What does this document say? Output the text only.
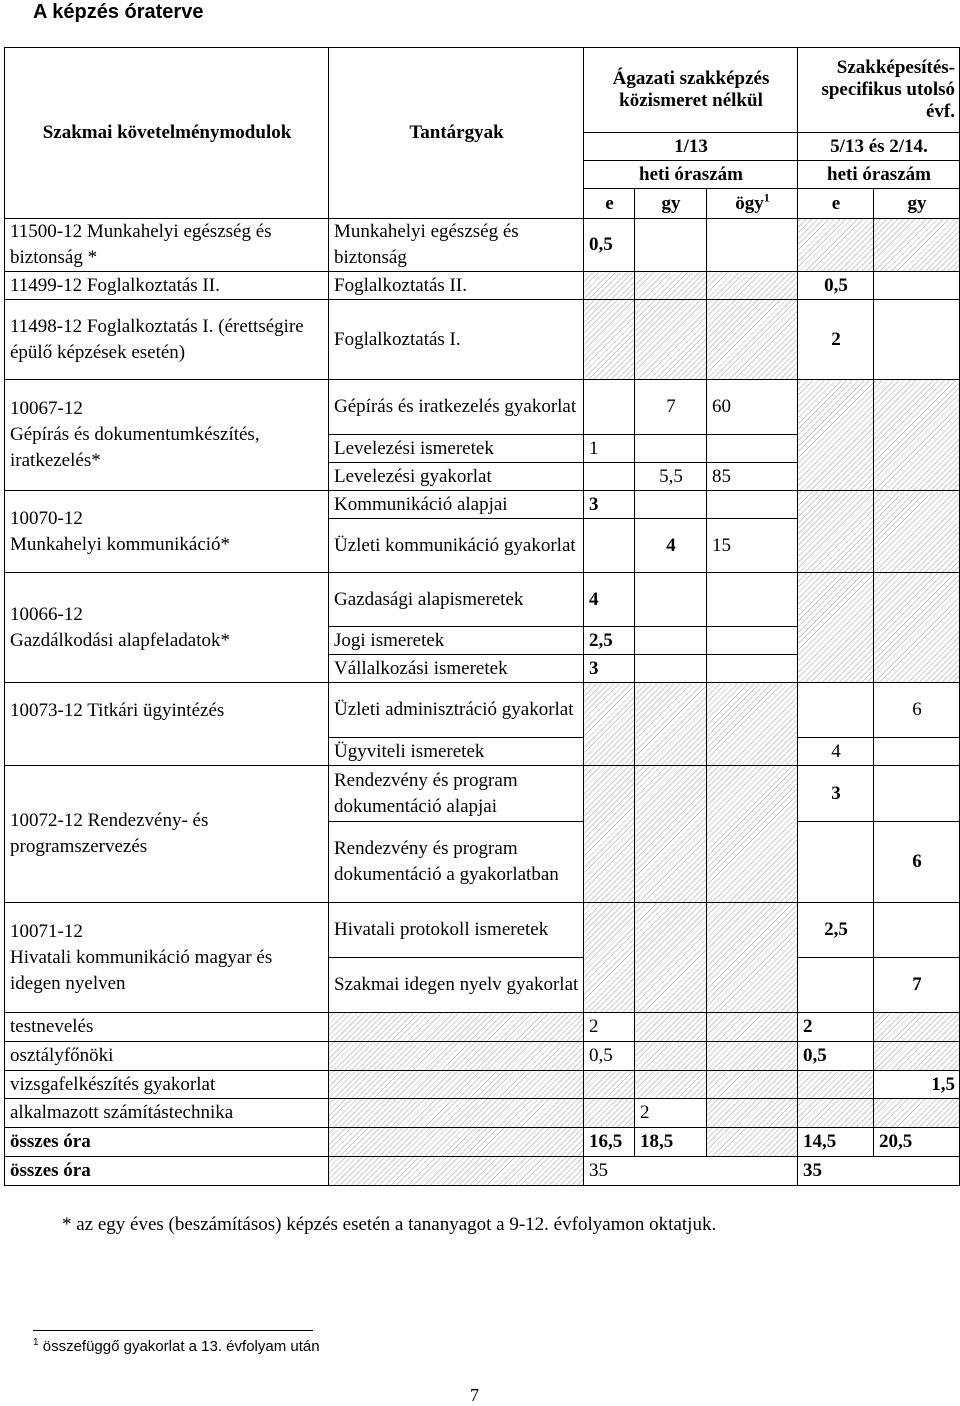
A képzés óraterve
Szakmai követelménymodulok	Tantárgyak	Ágazati szakképzés közismeret nélkül			Szakképesítés-specifikus utolsó évf.	
		1/13			5/13 és 2/14.	
		heti óraszám			heti óraszám	
		e	gy	ögy$^1$	e	gy
11500-12 Munkahelyi egészség és biztonság *	Munkahelyi egészség és biztonság	0,5				
11499-12 Foglalkoztatás II.	Foglalkoztatás II.				0,5	
11498-12 Foglalkoztatás I. (érettségire épülő képzések esetén)	Foglalkoztatás I.				2	
10067-12
Gépírás és dokumentumkészítés, iratkezelés*	Gépírás és iratkezelés gyakorlat		7	60		
	Levelezési ismeretek	1				
	Levelezési gyakorlat		5,5	85		
10070-12
Munkahelyi kommunikáció*	Kommunikáció alapjai	3				
	Üzleti kommunikáció gyakorlat		4	15		
10066-12
Gazdálkodási alapfeladatok*	Gazdasági alapismeretek	4				
	Jogi ismeretek	2,5				
	Vállalkozási ismeretek	3				
10073-12 Titkári ügyintézés	Üzleti adminisztráció gyakorlat					6
	Ügyviteli ismeretek				4	
10072-12 Rendezvény- és programszervezés	Rendezvény és program dokumentáció alapjai				3	
	Rendezvény és program dokumentáció a gyakorlatban					6
10071-12
Hivatali kommunikáció magyar és idegen nyelven	Hivatali protokoll ismeretek				2,5	
	Szakmai idegen nyelv gyakorlat					7
testnevelés		2			2	
osztályfőnöki		0,5			0,5	
vizsgafelkészítés gyakorlat						1,5
alkalmazott számítástechnika			2			
összes óra		16,5	18,5		14,5	20,5
összes óra		35			35	
* az egy éves (beszámításos) képzés esetén a tananyagot a 9-12. évfolyamon oktatjuk.
$^1$ összefüggő gyakorlat a 13. évfolyam után
7
